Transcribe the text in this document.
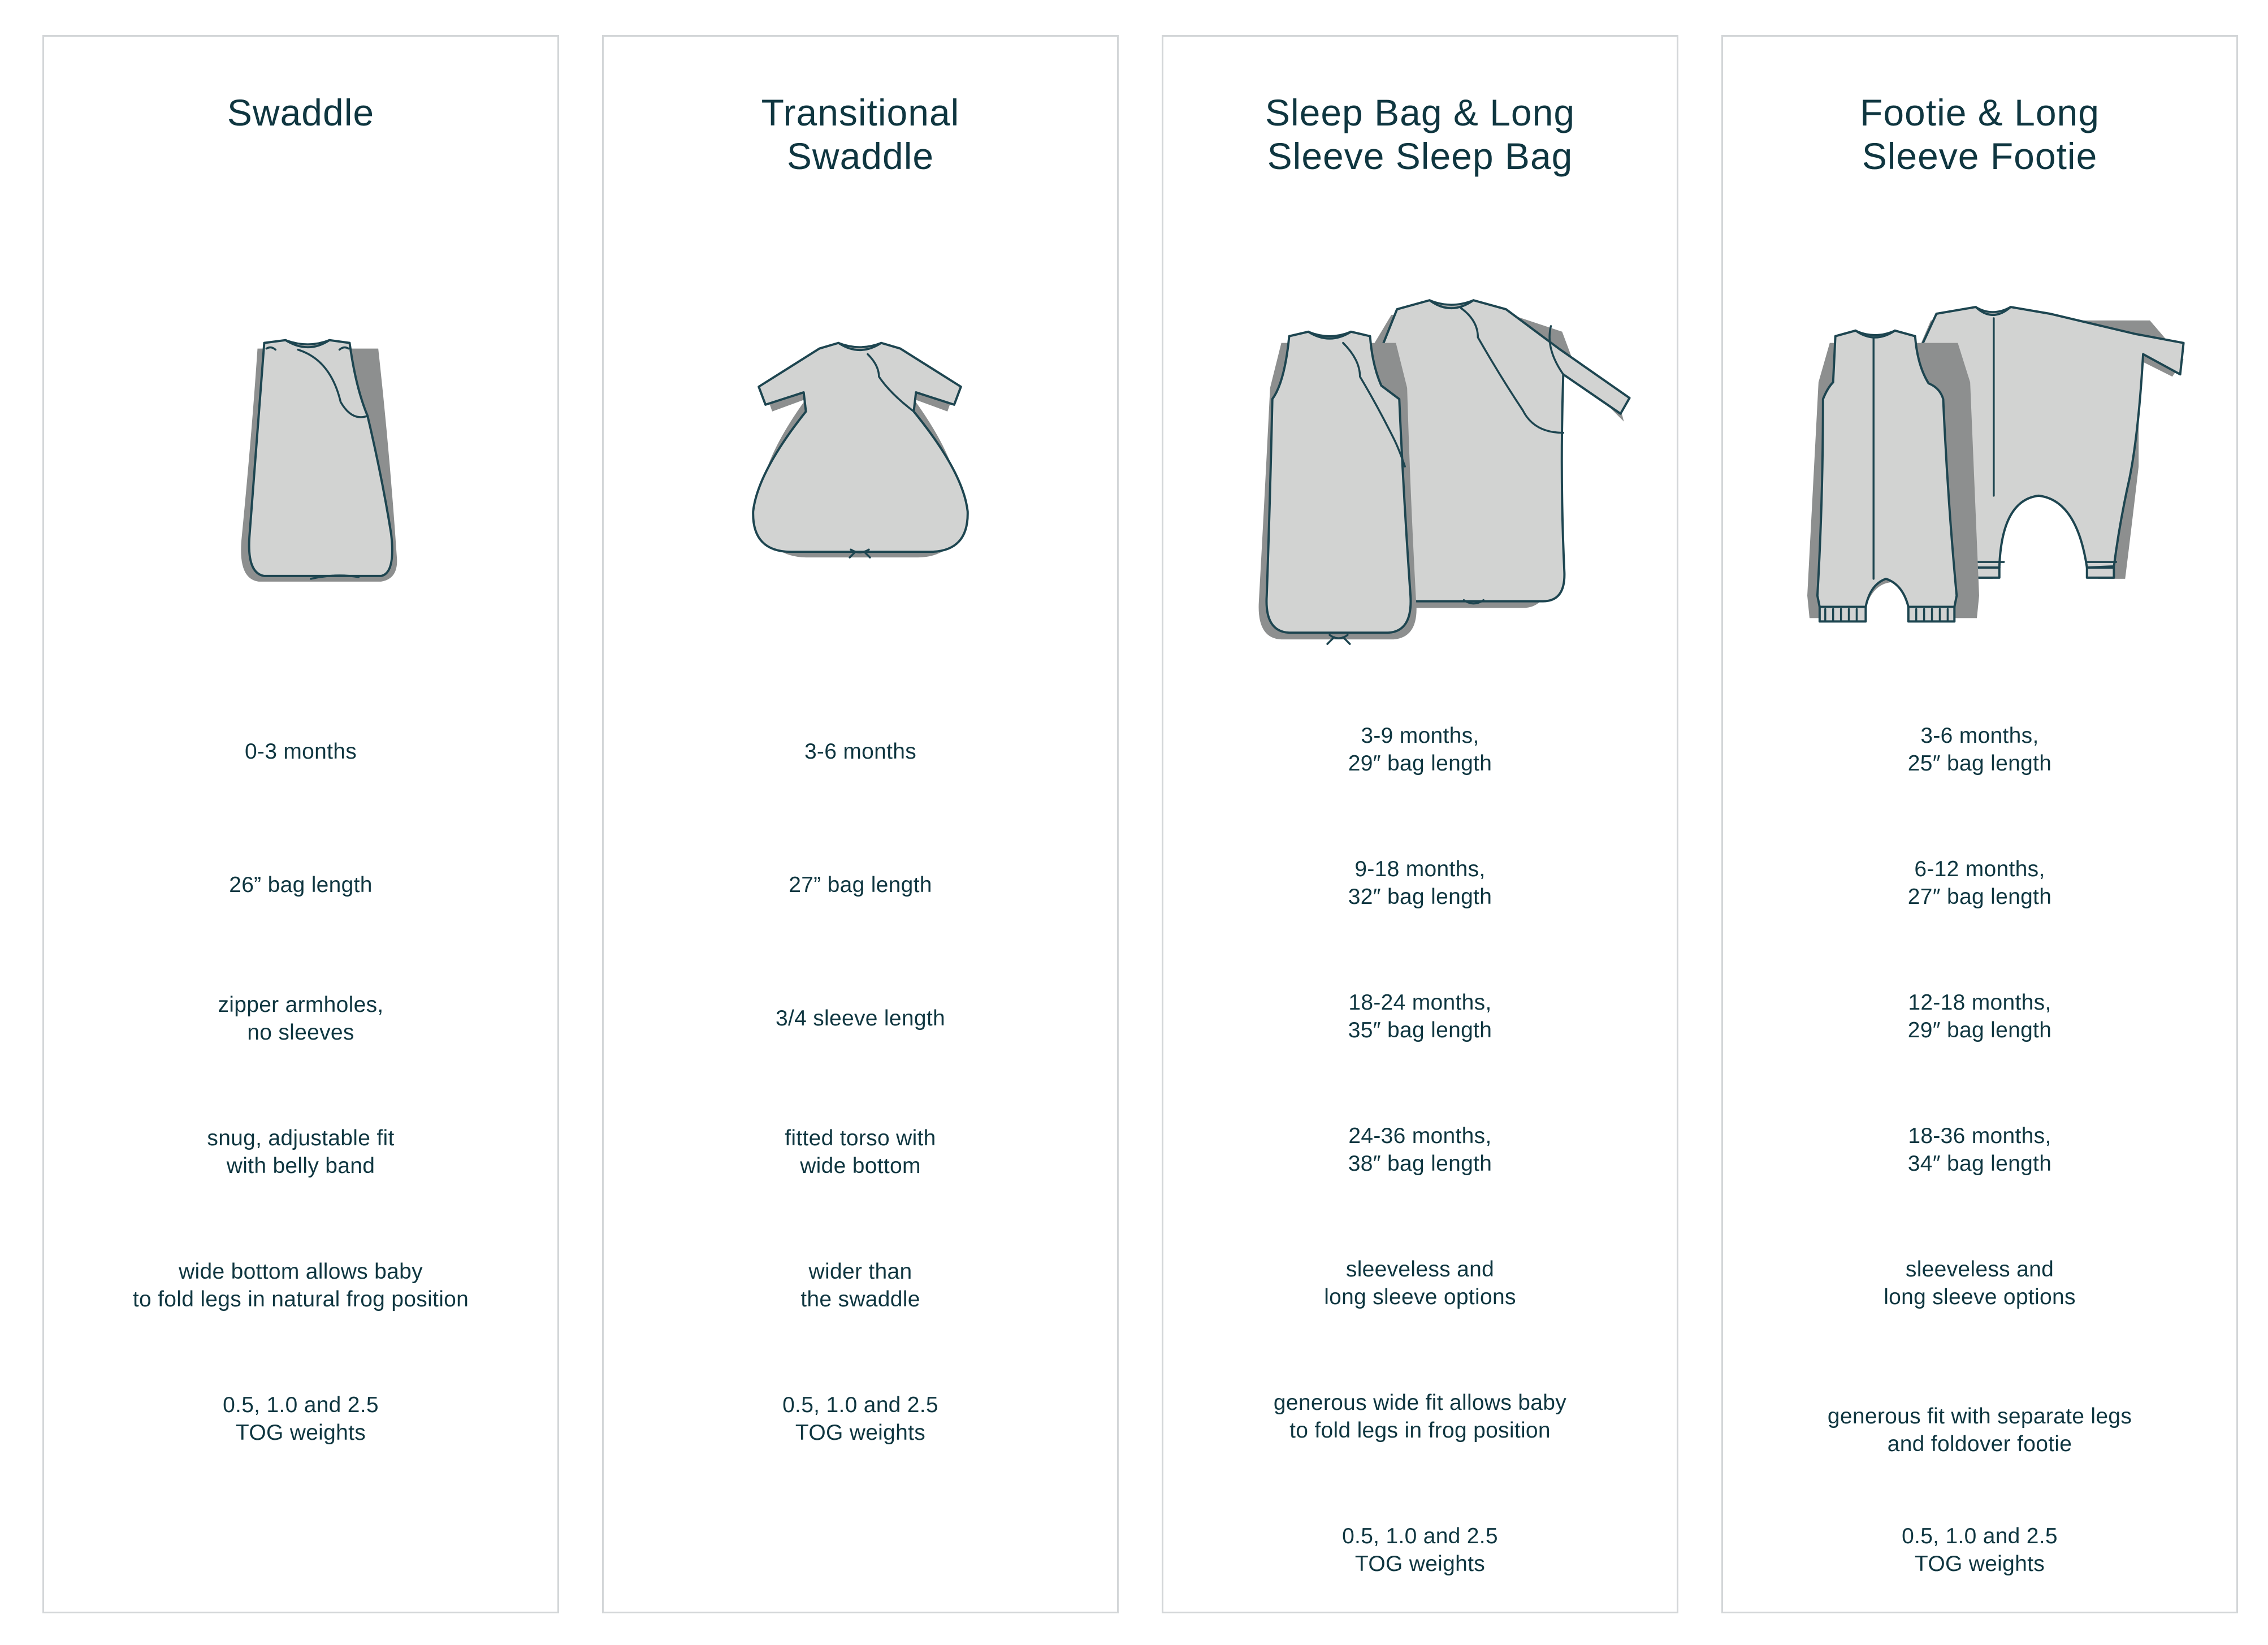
Swaddle
0-3 months
26” bag length
zipper armholes,
no sleeves
snug, adjustable fit
with belly band
wide bottom allows baby
to fold legs in natural frog position
0.5, 1.0 and 2.5
TOG weights
Transitional
Swaddle
3-6 months
27” bag length
3/4 sleeve length
fitted torso with
wide bottom
wider than
the swaddle
0.5, 1.0 and 2.5
TOG weights
Sleep Bag & Long
Sleeve Sleep Bag
3-9 months,
29″ bag length
9-18 months,
32″ bag length
18-24 months,
35″ bag length
24-36 months,
38″ bag length
sleeveless and
long sleeve options
generous wide fit allows baby
to fold legs in frog position
0.5, 1.0 and 2.5
TOG weights
Footie & Long
Sleeve Footie
3-6 months,
25″ bag length
6-12 months,
27″ bag length
12-18 months,
29″ bag length
18-36 months,
34″ bag length
sleeveless and
long sleeve options
generous fit with separate legs
and foldover footie
0.5, 1.0 and 2.5
TOG weights
